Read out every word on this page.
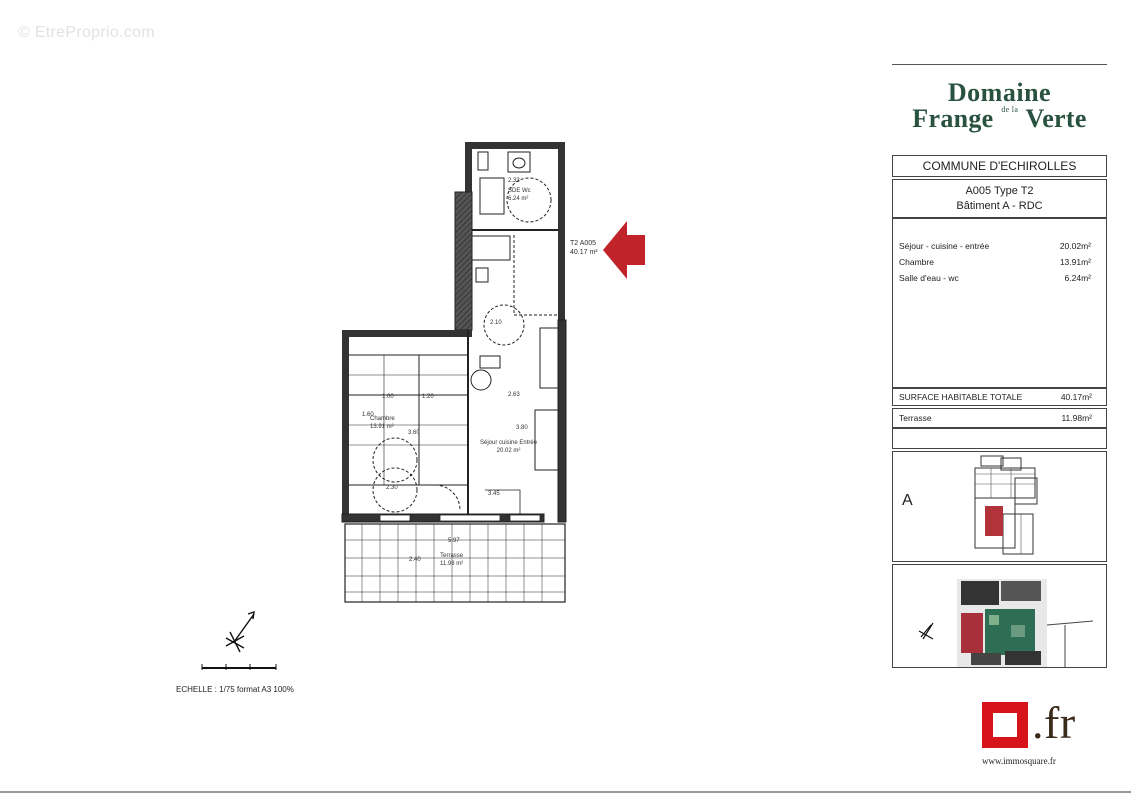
© EtreProprio.com
2.33
SDE Wc
6.24 m²
2.10
2.63
1.00	1.20
1.60
3.60
3.80
2.30
3.45
5.97
2.40
Chambre
13.91 m²
Séjour cuisine Entrée
20.02 m²
Terrasse
11.98 m²
T2 A005
40.17 m²
ECHELLE : 1/75 format A3 100%
Domaine
Frange de la Verte
COMMUNE D'ECHIROLLES
A005 Type T2
Bâtiment A - RDC
Séjour - cuisine - entrée	20.02m²
Chambre	13.91m²
Salle d'eau - wc	6.24m²
SURFACE HABITABLE TOTALE	40.17m²
Terrasse	11.98m²
A
.fr
www.immosquare.fr
